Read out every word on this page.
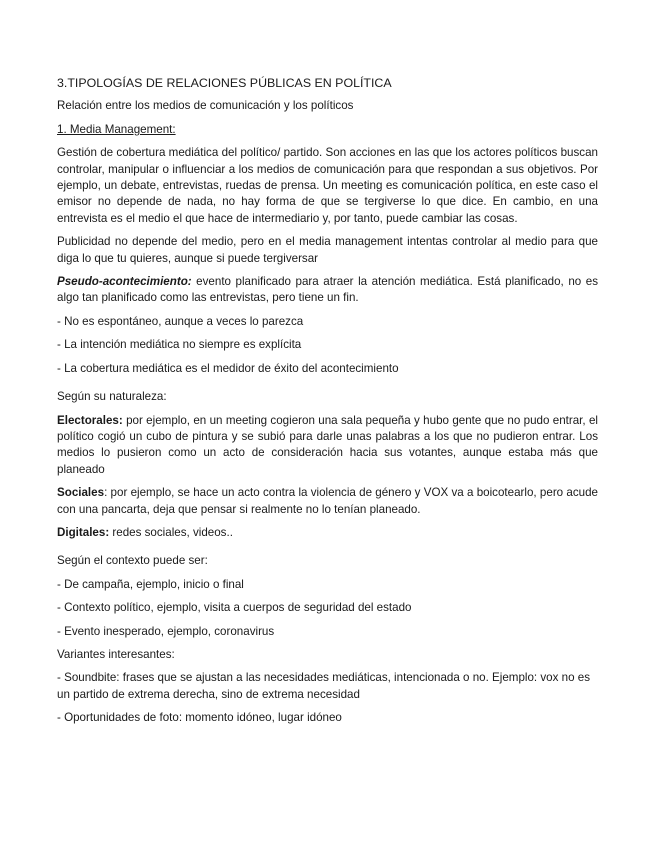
3.TIPOLOGÍAS DE RELACIONES PÚBLICAS EN POLÍTICA

Relación entre los medios de comunicación y los políticos

1. Media Management:

Gestión de cobertura mediática del político/ partido. Son acciones en las que los actores políticos buscan controlar, manipular o influenciar a los medios de comunicación para que respondan a sus objetivos. Por ejemplo, un debate, entrevistas, ruedas de prensa. Un meeting es comunicación política, en este caso el emisor no depende de nada, no hay forma de que se tergiverse lo que dice. En cambio, en una entrevista es el medio el que hace de intermediario y, por tanto, puede cambiar las cosas.

Publicidad no depende del medio, pero en el media management intentas controlar al medio para que diga lo que tu quieres, aunque si puede tergiversar

Pseudo-acontecimiento: evento planificado para atraer la atención mediática. Está planificado, no es algo tan planificado como las entrevistas, pero tiene un fin.

- No es espontáneo, aunque a veces lo parezca

- La intención mediática no siempre es explícita

- La cobertura mediática es el medidor de éxito del acontecimiento

Según su naturaleza:

Electorales: por ejemplo, en un meeting cogieron una sala pequeña y hubo gente que no pudo entrar, el político cogió un cubo de pintura y se subió para darle unas palabras a los que no pudieron entrar. Los medios lo pusieron como un acto de consideración hacia sus votantes, aunque estaba más que planeado

Sociales: por ejemplo, se hace un acto contra la violencia de género y VOX va a boicotearlo, pero acude con una pancarta, deja que pensar si realmente no lo tenían planeado.

Digitales: redes sociales, videos..

Según el contexto puede ser:

- De campaña, ejemplo, inicio o final

- Contexto político, ejemplo, visita a cuerpos de seguridad del estado

- Evento inesperado, ejemplo, coronavirus

Variantes interesantes:

- Soundbite: frases que se ajustan a las necesidades mediáticas, intencionada o no. Ejemplo: vox no es un partido de extrema derecha, sino de extrema necesidad

- Oportunidades de foto: momento idóneo, lugar idóneo
